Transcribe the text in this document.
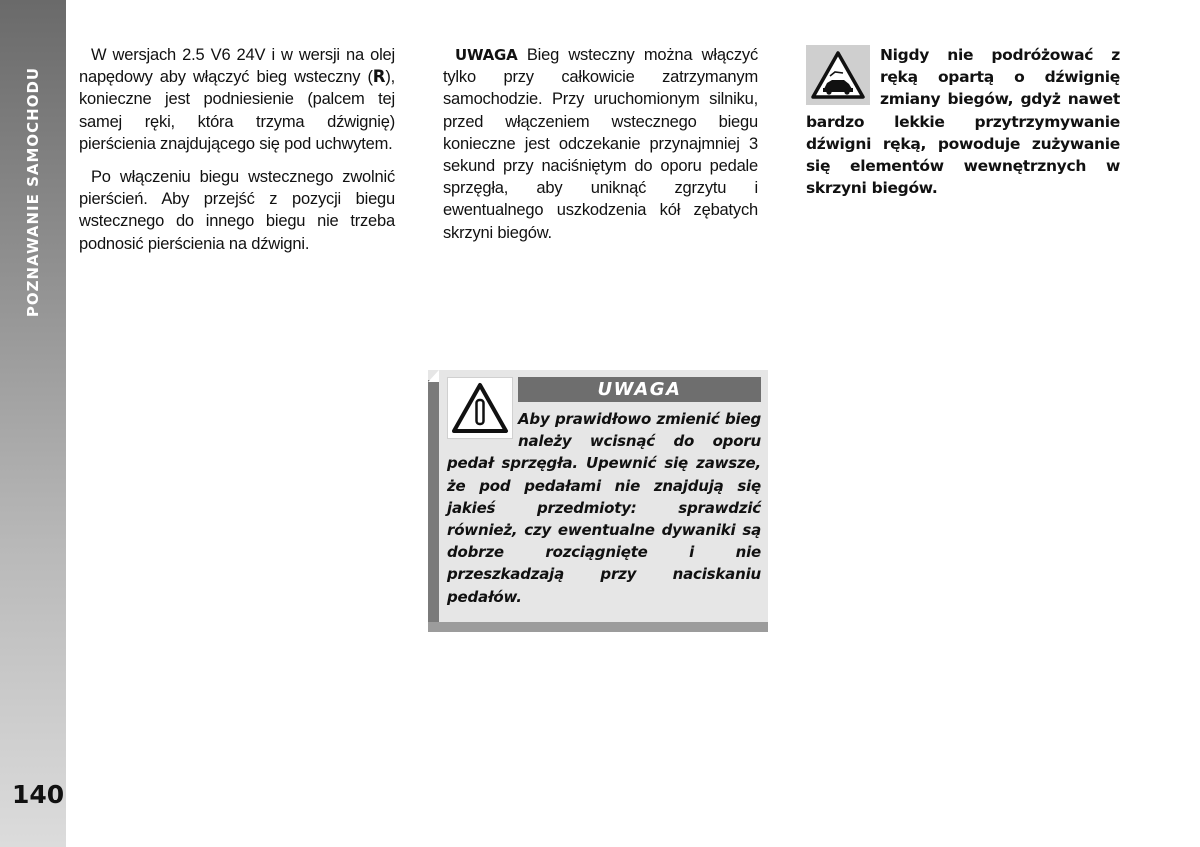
POZNAWANIE SAMOCHODU
140

W wersjach 2.5 V6 24V i w wersji na olej napędowy aby włączyć bieg wsteczny (R), konieczne jest podniesienie (palcem tej samej ręki, która trzyma dźwignię) pierścienia znajdującego się pod uchwytem.

Po włączeniu biegu wstecznego zwolnić pierścień. Aby przejść z pozycji biegu wstecznego do innego biegu nie trzeba podnosić pierścienia na dźwigni.

UWAGA Bieg wsteczny można włączyć tylko przy całkowicie zatrzymanym samochodzie. Przy uruchomionym silniku, przed włączeniem wstecznego biegu konieczne jest odczekanie przynajmniej 3 sekund przy naciśniętym do oporu pedale sprzęgła, aby uniknąć zgrzytu i ewentualnego uszkodzenia kół zębatych skrzyni biegów.

Nigdy nie podróżować z ręką opartą o dźwignię zmiany biegów, gdyż nawet bardzo lekkie przytrzymywanie dźwigni ręką, powoduje zużywanie się elementów wewnętrznych w skrzyni biegów.

UWAGA
Aby prawidłowo zmienić bieg należy wcisnąć do oporu pedał sprzęgła. Upewnić się zawsze, że pod pedałami nie znajdują się jakieś przedmioty: sprawdzić również, czy ewentualne dywaniki są dobrze rozciągnięte i nie przeszkadzają przy naciskaniu pedałów.
